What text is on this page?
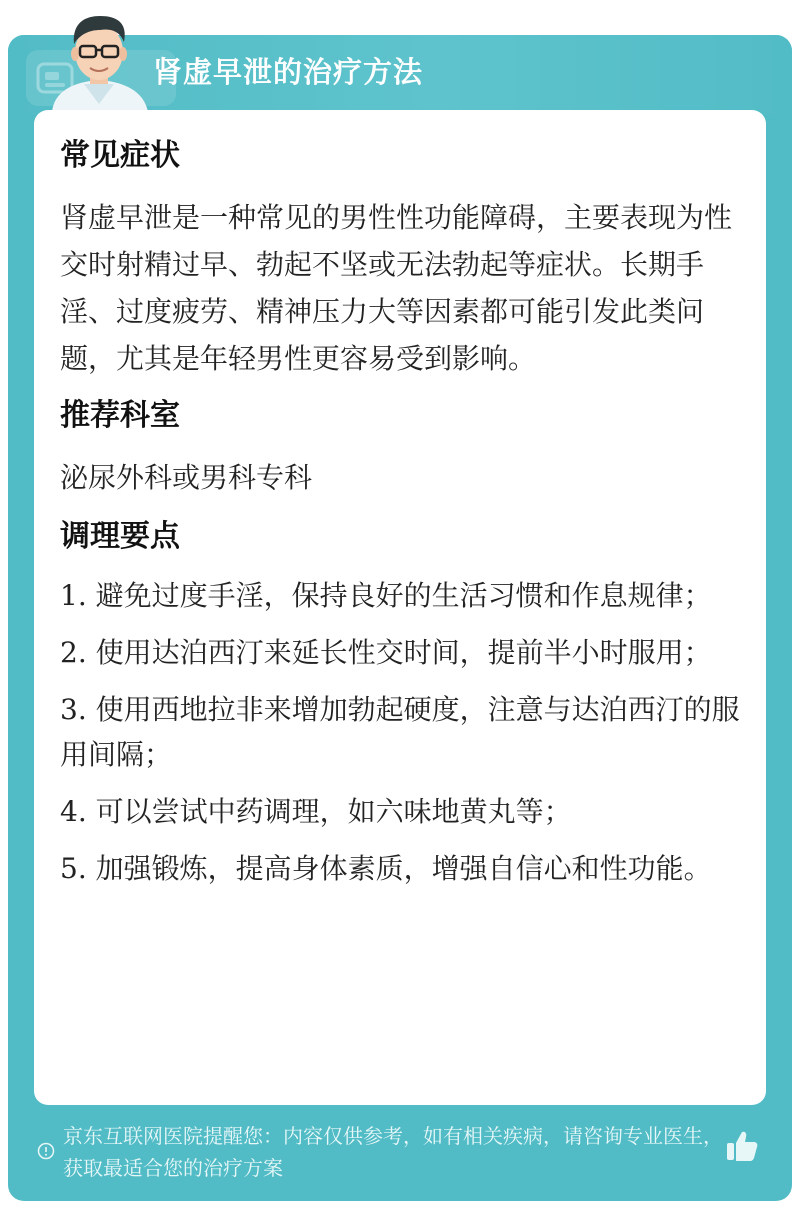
肾虚早泄的治疗方法
常见症状

肾虚早泄是一种常见的男性性功能障碍，主要表现为性交时射精过早、勃起不坚或无法勃起等症状。长期手淫、过度疲劳、精神压力大等因素都可能引发此类问题，尤其是年轻男性更容易受到影响。

推荐科室

泌尿外科或男科专科

调理要点
1. 避免过度手淫，保持良好的生活习惯和作息规律；
2. 使用达泊西汀来延长性交时间，提前半小时服用；
3. 使用西地拉非来增加勃起硬度，注意与达泊西汀的服用间隔；
4. 可以尝试中药调理，如六味地黄丸等；
5. 加强锻炼，提高身体素质，增强自信心和性功能。
京东互联网医院提醒您：内容仅供参考，如有相关疾病，请咨询专业医生，获取最适合您的治疗方案
